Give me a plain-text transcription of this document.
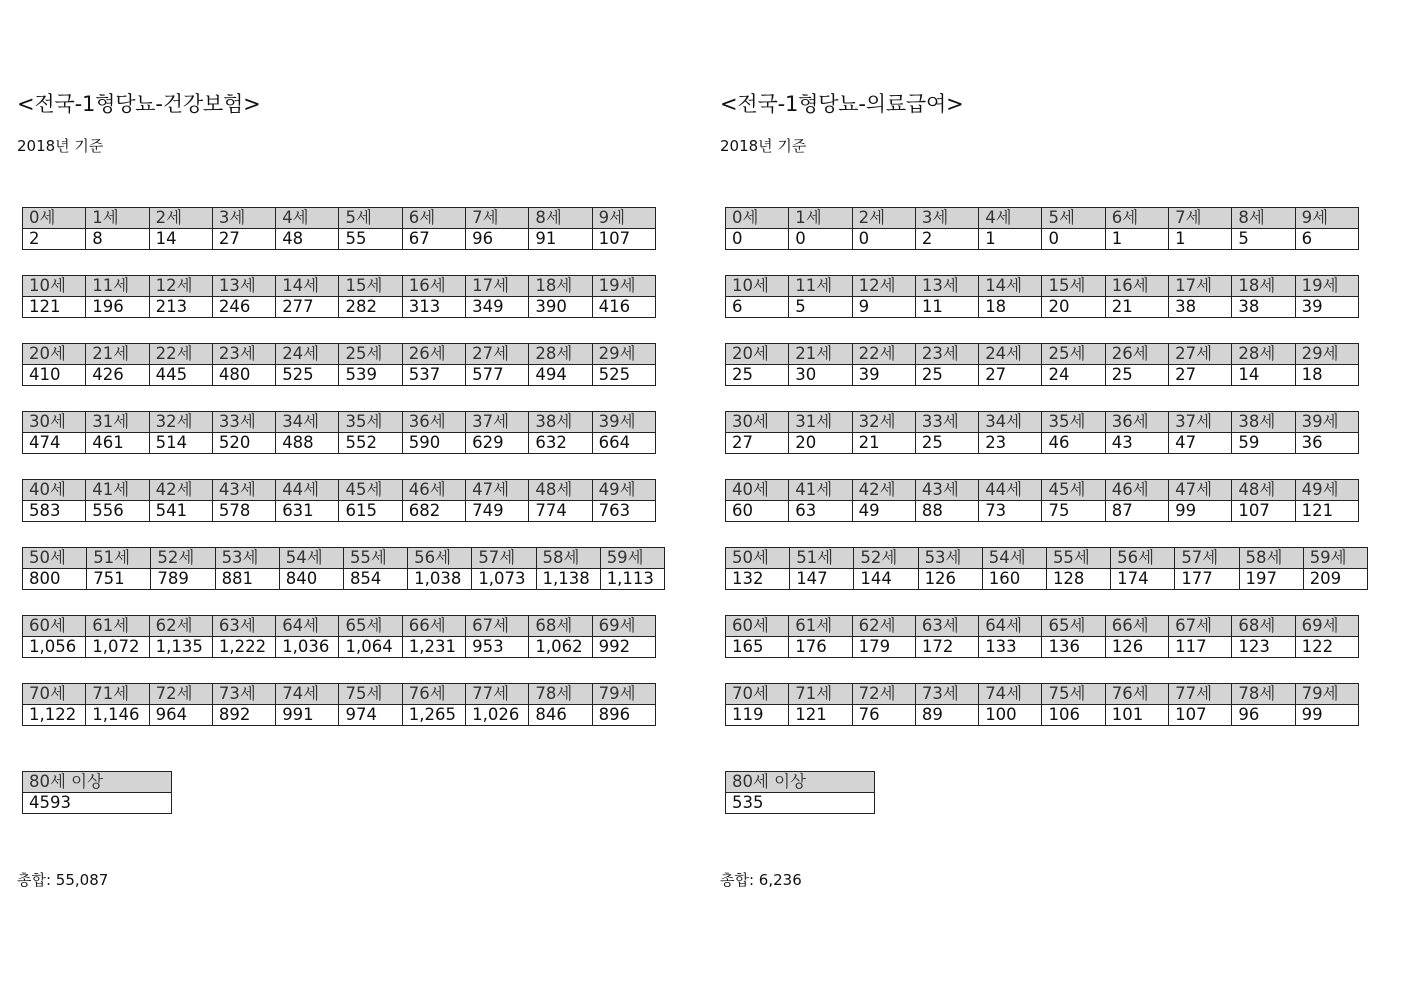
<전국-1형당뇨-건강보험>
2018년 기준
0세	1세	2세	3세	4세	5세	6세	7세	8세	9세
2	8	14	27	48	55	67	96	91	107
10세	11세	12세	13세	14세	15세	16세	17세	18세	19세
121	196	213	246	277	282	313	349	390	416
20세	21세	22세	23세	24세	25세	26세	27세	28세	29세
410	426	445	480	525	539	537	577	494	525
30세	31세	32세	33세	34세	35세	36세	37세	38세	39세
474	461	514	520	488	552	590	629	632	664
40세	41세	42세	43세	44세	45세	46세	47세	48세	49세
583	556	541	578	631	615	682	749	774	763
50세	51세	52세	53세	54세	55세	56세	57세	58세	59세
800	751	789	881	840	854	1,038	1,073	1,138	1,113
60세	61세	62세	63세	64세	65세	66세	67세	68세	69세
1,056	1,072	1,135	1,222	1,036	1,064	1,231	953	1,062	992
70세	71세	72세	73세	74세	75세	76세	77세	78세	79세
1,122	1,146	964	892	991	974	1,265	1,026	846	896
80세 이상
4593
총합: 55,087
<전국-1형당뇨-의료급여>
2018년 기준
0세	1세	2세	3세	4세	5세	6세	7세	8세	9세
0	0	0	2	1	0	1	1	5	6
10세	11세	12세	13세	14세	15세	16세	17세	18세	19세
6	5	9	11	18	20	21	38	38	39
20세	21세	22세	23세	24세	25세	26세	27세	28세	29세
25	30	39	25	27	24	25	27	14	18
30세	31세	32세	33세	34세	35세	36세	37세	38세	39세
27	20	21	25	23	46	43	47	59	36
40세	41세	42세	43세	44세	45세	46세	47세	48세	49세
60	63	49	88	73	75	87	99	107	121
50세	51세	52세	53세	54세	55세	56세	57세	58세	59세
132	147	144	126	160	128	174	177	197	209
60세	61세	62세	63세	64세	65세	66세	67세	68세	69세
165	176	179	172	133	136	126	117	123	122
70세	71세	72세	73세	74세	75세	76세	77세	78세	79세
119	121	76	89	100	106	101	107	96	99
80세 이상
535
총합: 6,236
